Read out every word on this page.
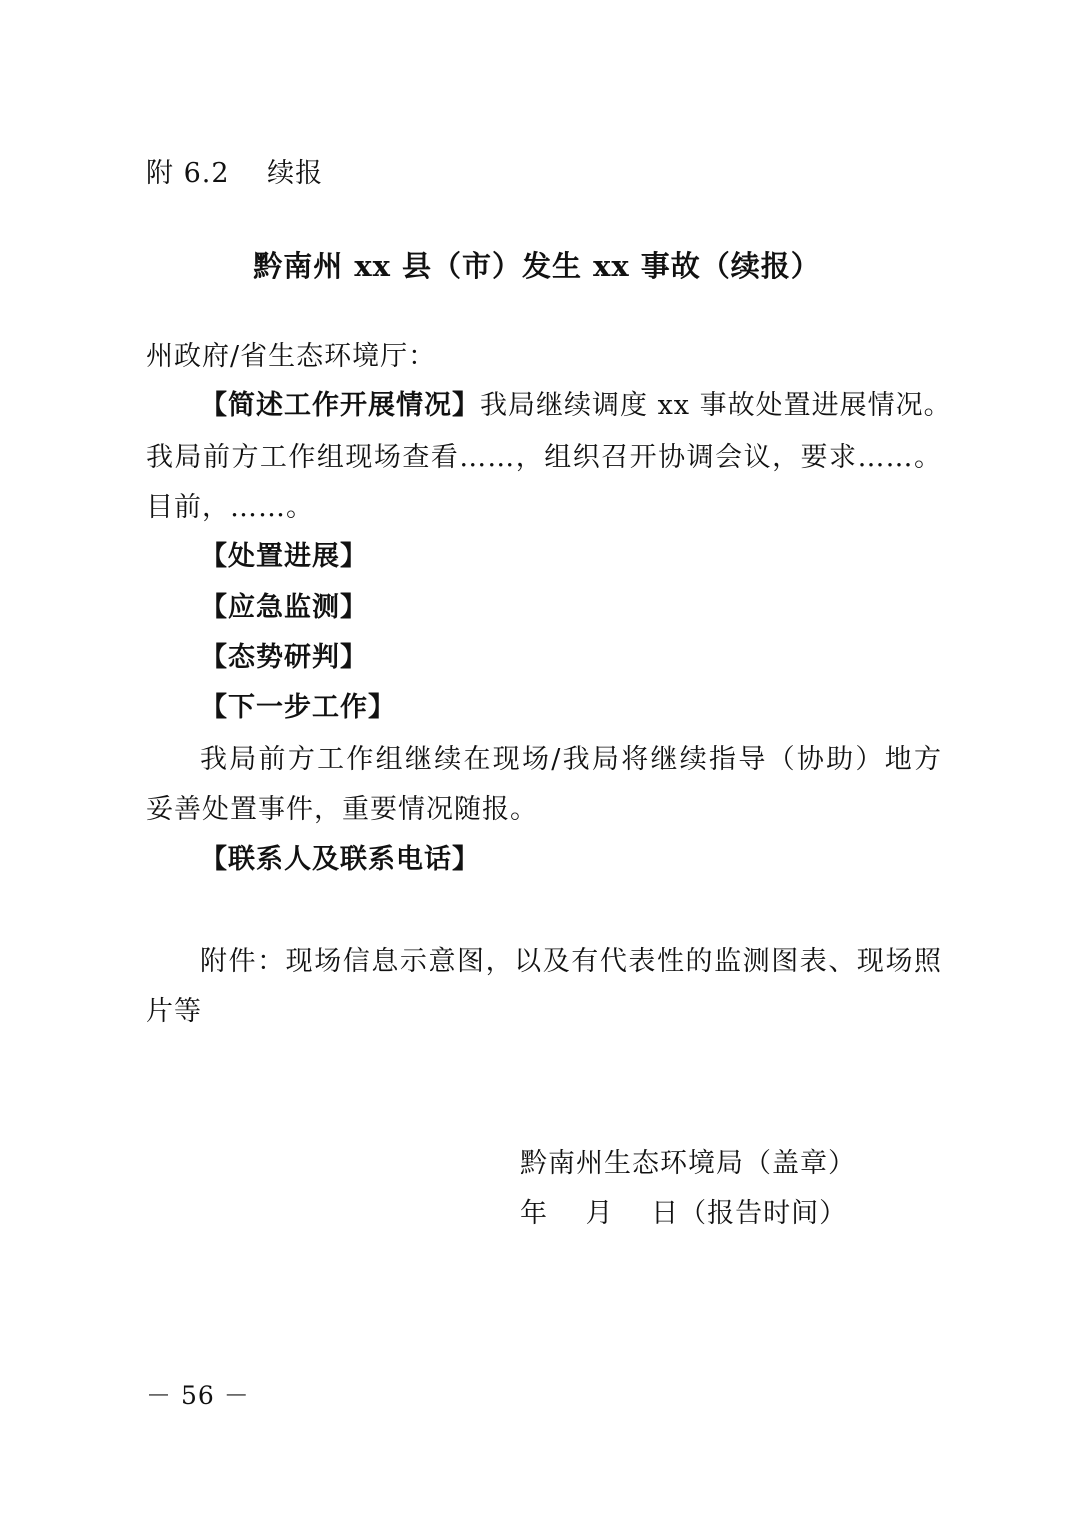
附 6.2　 续报
黔南州 xx 县（市）发生 xx 事故（续报）
州政府/省生态环境厅：
【简述工作开展情况】我局继续调度 xx 事故处置进展情况。
我局前方工作组现场查看……，组织召开协调会议，要求……。
目前，……。
【处置进展】
【应急监测】
【态势研判】
【下一步工作】
我局前方工作组继续在现场/我局将继续指导（协助）地方
妥善处置事件，重要情况随报。
【联系人及联系电话】
附件：现场信息示意图，以及有代表性的监测图表、现场照
片等
黔南州生态环境局（盖章）
年　 月　 日（报告时间）
－ 56 －
